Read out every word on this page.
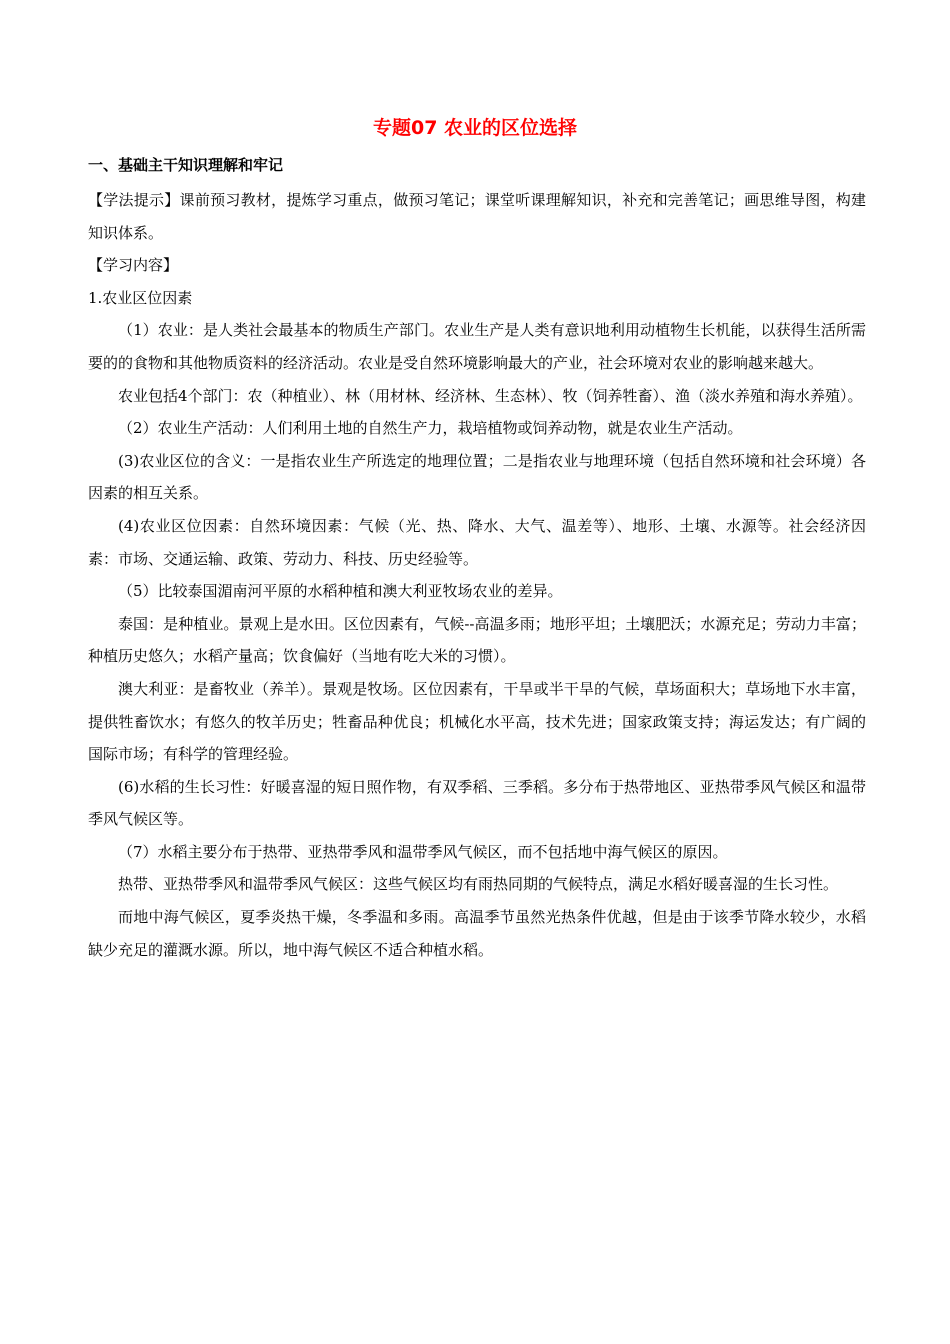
专题07 农业的区位选择
一、基础主干知识理解和牢记

【学法提示】课前预习教材，提炼学习重点，做预习笔记；课堂听课理解知识，补充和完善笔记；画思维导图，构建知识体系。

【学习内容】

1.农业区位因素

（1）农业：是人类社会最基本的物质生产部门。农业生产是人类有意识地利用动植物生长机能，以获得生活所需要的的食物和其他物质资料的经济活动。农业是受自然环境影响最大的产业，社会环境对农业的影响越来越大。

农业包括4个部门：农（种植业）、林（用材林、经济林、生态林）、牧（饲养牲畜）、渔（淡水养殖和海水养殖）。

（2）农业生产活动：人们利用土地的自然生产力，栽培植物或饲养动物，就是农业生产活动。

(3)农业区位的含义：一是指农业生产所选定的地理位置；二是指农业与地理环境（包括自然环境和社会环境）各因素的相互关系。

(4)农业区位因素：自然环境因素：气候（光、热、降水、大气、温差等）、地形、土壤、水源等。社会经济因素：市场、交通运输、政策、劳动力、科技、历史经验等。

（5）比较泰国湄南河平原的水稻种植和澳大利亚牧场农业的差异。

泰国：是种植业。景观上是水田。区位因素有，气候--高温多雨；地形平坦；土壤肥沃；水源充足；劳动力丰富；种植历史悠久；水稻产量高；饮食偏好（当地有吃大米的习惯）。

澳大利亚：是畜牧业（养羊）。景观是牧场。区位因素有，干旱或半干旱的气候，草场面积大；草场地下水丰富，提供牲畜饮水；有悠久的牧羊历史；牲畜品种优良；机械化水平高，技术先进；国家政策支持；海运发达；有广阔的国际市场；有科学的管理经验。

(6)水稻的生长习性：好暖喜湿的短日照作物，有双季稻、三季稻。多分布于热带地区、亚热带季风气候区和温带季风气候区等。

（7）水稻主要分布于热带、亚热带季风和温带季风气候区，而不包括地中海气候区的原因。

热带、亚热带季风和温带季风气候区：这些气候区均有雨热同期的气候特点，满足水稻好暖喜湿的生长习性。

而地中海气候区，夏季炎热干燥，冬季温和多雨。高温季节虽然光热条件优越，但是由于该季节降水较少，水稻缺少充足的灌溉水源。所以，地中海气候区不适合种植水稻。
